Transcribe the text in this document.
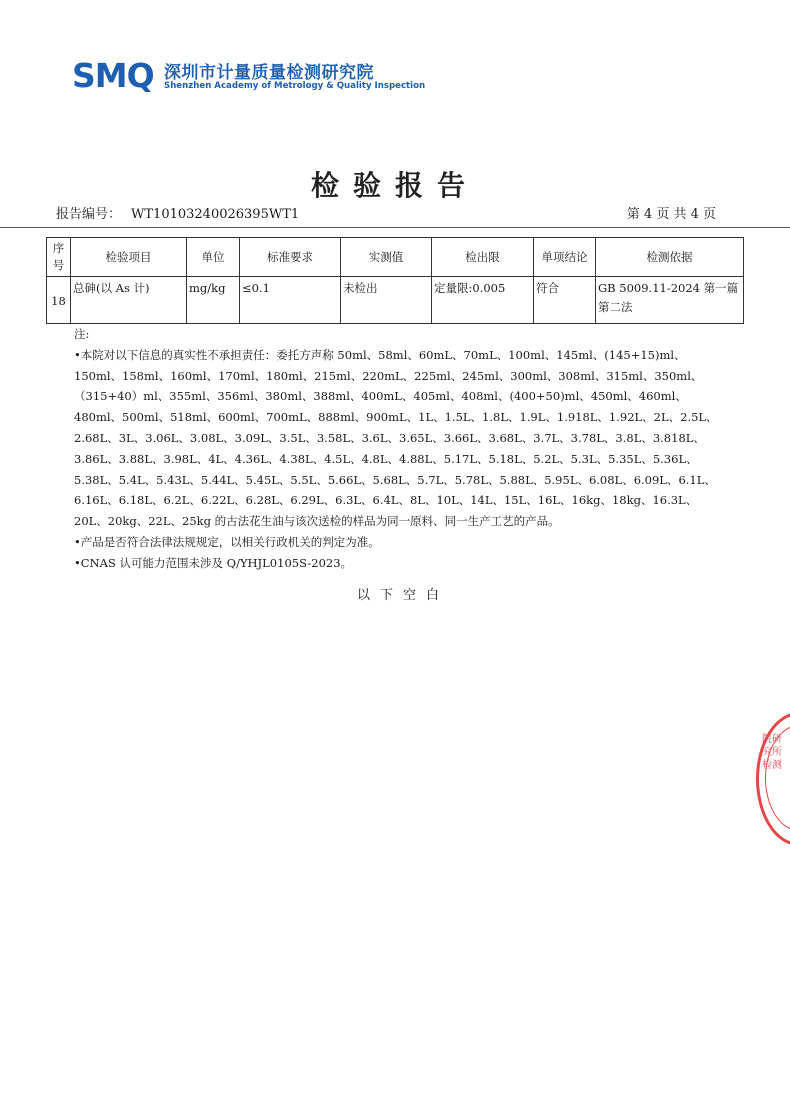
SMQ 深圳市计量质量检测研究院
Shenzhen Academy of Metrology & Quality Inspection
检验报告
报告编号： WT10103240026395WT1	第 4 页 共 4 页
序号	检验项目	单位	标准要求	实测值	检出限	单项结论	检测依据
18	总砷(以 As 计)	mg/kg	≤0.1	未检出	定量限:0.005	符合	GB 5009.11-2024 第一篇 第二法

注:

•本院对以下信息的真实性不承担责任：委托方声称 50ml、58ml、60mL、70mL、100ml、145ml、(145+15)ml、150ml、158ml、160ml、170ml、180ml、215ml、220mL、225ml、245ml、300ml、308ml、315ml、350ml、（315+40）ml、355ml、356ml、380ml、388ml、400mL、405ml、408ml、(400+50)ml、450ml、460ml、480ml、500ml、518ml、600ml、700mL、888ml、900mL、1L、1.5L、1.8L、1.9L、1.918L、1.92L、2L、2.5L、2.68L、3L、3.06L、3.08L、3.09L、3.5L、3.58L、3.6L、3.65L、3.66L、3.68L、3.7L、3.78L、3.8L、3.818L、3.86L、3.88L、3.98L、4L、4.36L、4.38L、4.5L、4.8L、4.88L、5.17L、5.18L、5.2L、5.3L、5.35L、5.36L、5.38L、5.4L、5.43L、5.44L、5.45L、5.5L、5.66L、5.68L、5.7L、5.78L、5.88L、5.95L、6.08L、6.09L、6.1L、6.16L、6.18L、6.2L、6.22L、6.28L、6.29L、6.3L、6.4L、8L、10L、14L、15L、16L、16kg、18kg、16.3L、20L、20kg、22L、25kg 的古法花生油与该次送检的样品为同一原料、同一生产工艺的产品。

•产品是否符合法律法规规定，以相关行政机关的判定为准。

•CNAS 认可能力范围未涉及 Q/YHJL0105S-2023。

以下空白

院研究所检测
